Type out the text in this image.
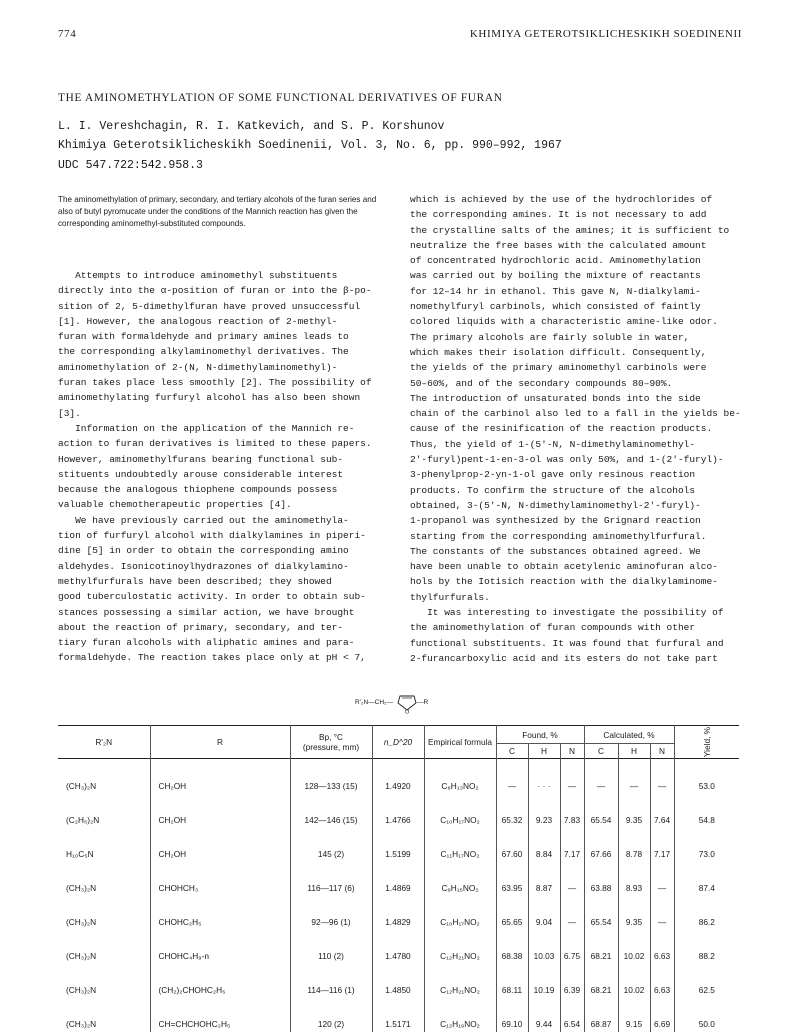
774	KHIMIYA GETEROTSIKLICHESKIKH SOEDINENII
THE AMINOMETHYLATION OF SOME FUNCTIONAL DERIVATIVES OF FURAN
L. I. Vereshchagin, R. I. Katkevich, and S. P. Korshunov
Khimiya Geterotsiklicheskikh Soedinenii, Vol. 3, No. 6, pp. 990–992, 1967
UDC 547.722:542.958.3
The aminomethylation of primary, secondary, and tertiary alcohols of the furan series and also of butyl pyromucate under the conditions of the Mannich reaction has given the corresponding aminomethyl-substituted compounds.
Attempts to introduce aminomethyl substituents
directly into the α-position of furan or into the β-po-
sition of 2, 5-dimethylfuran have proved unsuccessful
[1]. However, the analogous reaction of 2-methyl-
furan with formaldehyde and primary amines leads to
the corresponding alkylaminomethyl derivatives. The
aminomethylation of 2-(N, N-dimethylaminomethyl)-
furan takes place less smoothly [2]. The possibility of
aminomethylating furfuryl alcohol has also been shown
[3].
Information on the application of the Mannich re-
action to furan derivatives is limited to these papers.
However, aminomethylfurans bearing functional sub-
stituents undoubtedly arouse considerable interest
because the analogous thiophene compounds possess
valuable chemotherapeutic properties [4].
We have previously carried out the aminomethyla-
tion of furfuryl alcohol with dialkylamines in piperi-
dine [5] in order to obtain the corresponding amino
aldehydes. Isonicotinoylhydrazones of dialkylamino-
methylfurfurals have been described; they showed
good tuberculostatic activity. In order to obtain sub-
stances possessing a similar action, we have brought
about the reaction of primary, secondary, and ter-
tiary furan alcohols with aliphatic amines and para-
formaldehyde. The reaction takes place only at pH < 7,
which is achieved by the use of the hydrochlorides of
the corresponding amines. It is not necessary to add
the crystalline salts of the amines; it is sufficient to
neutralize the free bases with the calculated amount
of concentrated hydrochloric acid. Aminomethylation
was carried out by boiling the mixture of reactants
for 12–14 hr in ethanol. This gave N, N-dialkylami-
nomethylfuryl carbinols, which consisted of faintly
colored liquids with a characteristic amine-like odor.
The primary alcohols are fairly soluble in water,
which makes their isolation difficult. Consequently,
the yields of the primary aminomethyl carbinols were
50–60%, and of the secondary compounds 80–90%.
The introduction of unsaturated bonds into the side
chain of the carbinol also led to a fall in the yields be-
cause of the resinification of the reaction products.
Thus, the yield of 1-(5'-N, N-dimethylaminomethyl-
2'-furyl)pent-1-en-3-ol was only 50%, and 1-(2'-furyl)-
3-phenylprop-2-yn-1-ol gave only resinous reaction
products. To confirm the structure of the alcohols
obtained, 3-(5'-N, N-dimethylaminomethyl-2'-furyl)-
1-propanol was synthesized by the Grignard reaction
starting from the corresponding aminomethylfurfural.
The constants of the substances obtained agreed. We
have been unable to obtain acetylenic aminofuran alco-
hols by the Iotisich reaction with the dialkylaminome-
thylfurfurals.
It was interesting to investigate the possibility of
the aminomethylation of furan compounds with other
functional substituents. It was found that furfural and
2-furancarboxylic acid and its esters do not take part
R'₂N—CH₂—
O
—R
R'₂N	R	Bp, °C
(pressure, mm)	n_D^20	Empirical formula	Found, %			Calculated, %			Yield, %
					C	H	N	C	H	N	
(CH₃)₂N	CH₂OH	128—133 (15)	1.4920	C₈H₁₃NO₂	—	· · ·	—	—	—	—	53.0
(C₂H₅)₂N	CH₂OH	142—146 (15)	1.4766	C₁₀H₁₇NO₂	65.32	9.23	7.83	65.54	9.35	7.64	54.8
H₁₀C₅N	CH₂OH	145 (2)	1.5199	C₁₁H₁₇NO₂	67.60	8.84	7.17	67.66	8.78	7.17	73.0
(CH₃)₂N	CHOHCH₃	116—117 (6)	1.4869	C₉H₁₅NO₂	63.95	8.87	—	63.88	8.93	—	87.4
(CH₃)₂N	CHOHC₂H₅	92—96 (1)	1.4829	C₁₀H₁₇NO₂	65.65	9.04	—	65.54	9.35	—	86.2
(CH₃)₂N	CHOHC₄H₉-n	110 (2)	1.4780	C₁₂H₂₁NO₂	68.38	10.03	6.75	68.21	10.02	6.63	88.2
(CH₃)₂N	(CH₂)₂CHOHC₂H₅	114—116 (1)	1.4850	C₁₂H₂₁NO₂	68.11	10.19	6.39	68.21	10.02	6.63	62.5
(CH₃)₂N	CH=CHCHOHC₂H₅	120 (2)	1.5171	C₁₂H₁₉NO₂	69.10	9.44	6.54	68.87	9.15	6.69	50.0
